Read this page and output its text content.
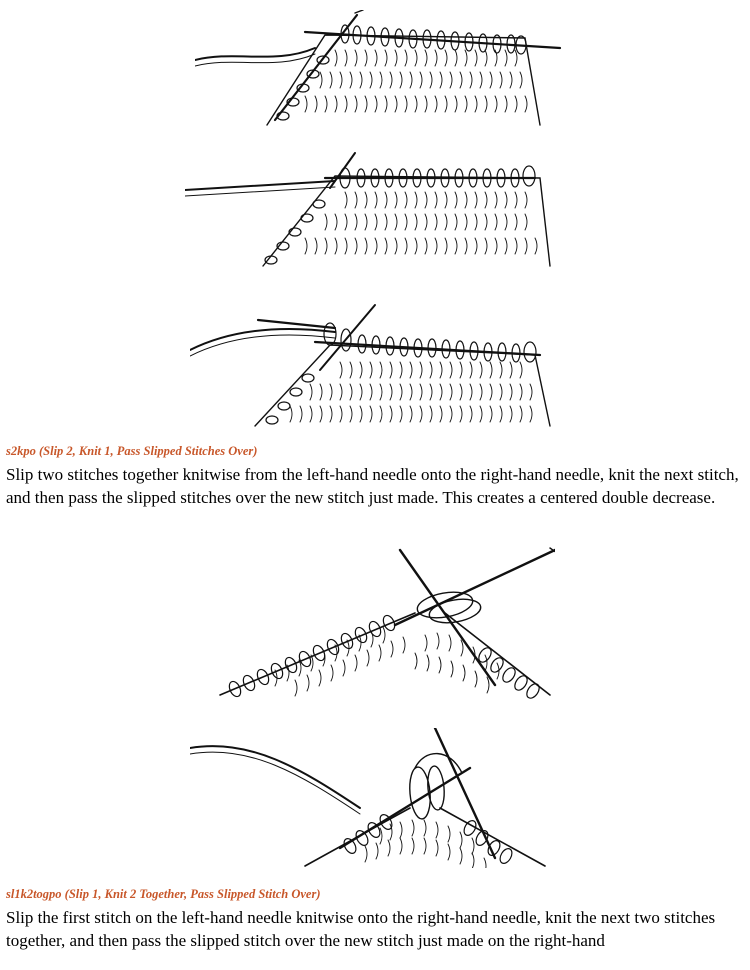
s2kpo (Slip 2, Knit 1, Pass Slipped Stitches Over)

Slip two stitches together knitwise from the left-hand needle onto the right-hand needle, knit the next stitch, and then pass the slipped stitches over the new stitch just made. This creates a centered double decrease.

sl1k2togpo (Slip 1, Knit 2 Together, Pass Slipped Stitch Over)

Slip the first stitch on the left-hand needle knitwise onto the right-hand needle, knit the next two stitches together, and then pass the slipped stitch over the new stitch just made on the right-hand
